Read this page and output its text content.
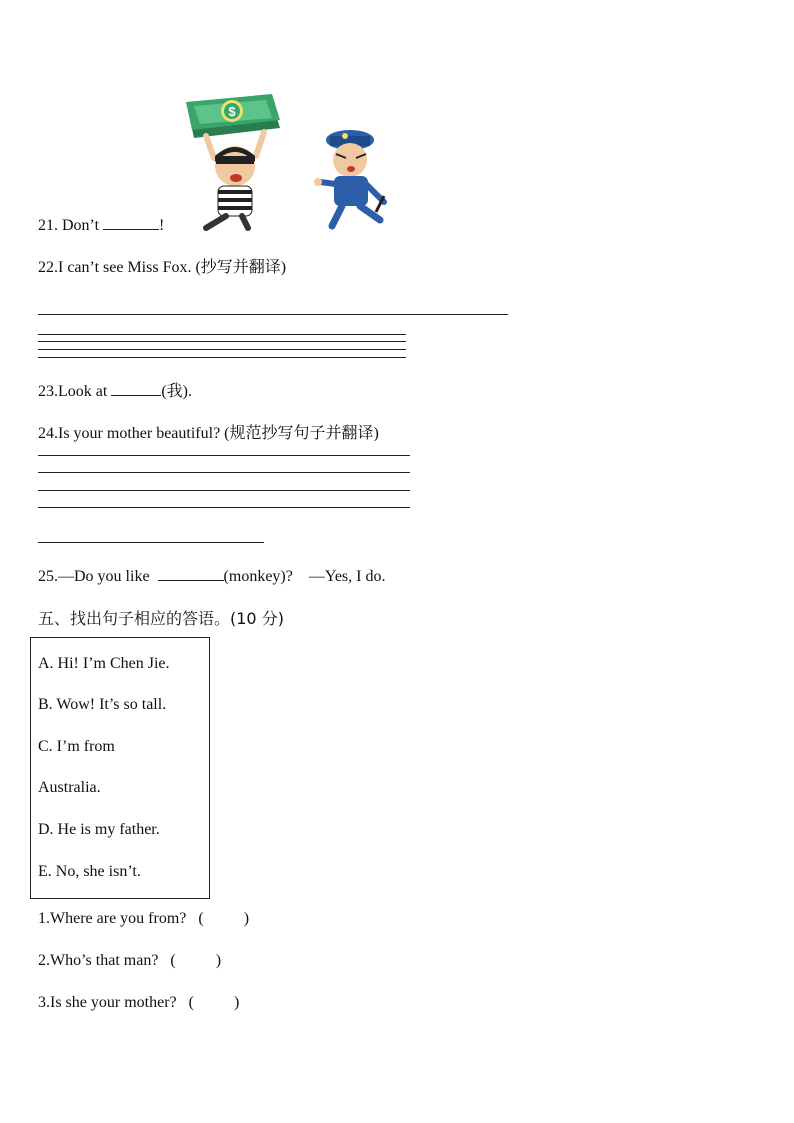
$
21. Don’t	!
22.I can’t see Miss Fox. (抄写并翻译)
23.Look at	(我).
24.Is your mother beautiful? (规范抄写句子并翻译)
25.—Do you like	(monkey)? —Yes, I do.
五、找出句子相应的答语。(10 分)
A. Hi! I’m Chen Jie.
B. Wow! It’s so tall.
C. I’m from
Australia.
D. He is my father.
E. No, she isn’t.
1.Where are you from? (          )
2.Who’s that man? (          )
3.Is she your mother? (          )
